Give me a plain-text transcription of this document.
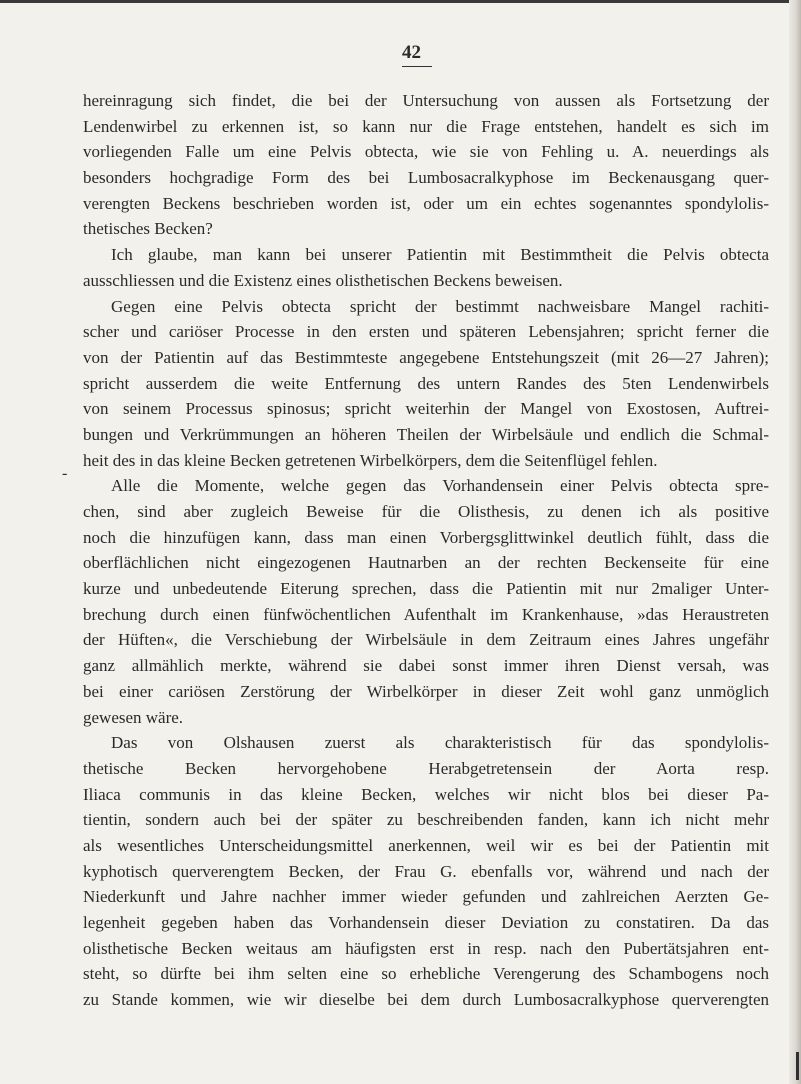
42
-
hereinragung sich findet, die bei der Untersuchung von aussen als Fortsetzung der
Lendenwirbel zu erkennen ist, so kann nur die Frage entstehen, handelt es sich im
vorliegenden Falle um eine Pelvis obtecta, wie sie von Fehling u. A. neuerdings als
besonders hochgradige Form des bei Lumbosacralkyphose im Beckenausgang quer-
verengten Beckens beschrieben worden ist, oder um ein echtes sogenanntes spondylolis-
thetisches Becken?
Ich glaube, man kann bei unserer Patientin mit Bestimmtheit die Pelvis obtecta
ausschliessen und die Existenz eines olisthetischen Beckens beweisen.
Gegen eine Pelvis obtecta spricht der bestimmt nachweisbare Mangel rachiti-
scher und cariöser Processe in den ersten und späteren Lebensjahren; spricht ferner die
von der Patientin auf das Bestimmteste angegebene Entstehungszeit (mit 26—27 Jahren);
spricht ausserdem die weite Entfernung des untern Randes des 5ten Lendenwirbels
von seinem Processus spinosus; spricht weiterhin der Mangel von Exostosen, Auftrei-
bungen und Verkrümmungen an höheren Theilen der Wirbelsäule und endlich die Schmal-
heit des in das kleine Becken getretenen Wirbelkörpers, dem die Seitenflügel fehlen.
Alle die Momente, welche gegen das Vorhandensein einer Pelvis obtecta spre-
chen, sind aber zugleich Beweise für die Olisthesis, zu denen ich als positive
noch die hinzufügen kann, dass man einen Vorbergsglittwinkel deutlich fühlt, dass die
oberflächlichen nicht eingezogenen Hautnarben an der rechten Beckenseite für eine
kurze und unbedeutende Eiterung sprechen, dass die Patientin mit nur 2maliger Unter-
brechung durch einen fünfwöchentlichen Aufenthalt im Krankenhause, »das Heraustreten
der Hüften«, die Verschiebung der Wirbelsäule in dem Zeitraum eines Jahres ungefähr
ganz allmählich merkte, während sie dabei sonst immer ihren Dienst versah, was
bei einer cariösen Zerstörung der Wirbelkörper in dieser Zeit wohl ganz unmöglich
gewesen wäre.
Das von Olshausen zuerst als charakteristisch für das spondylolis-
thetische Becken hervorgehobene Herabgetretensein der Aorta resp.
Iliaca communis in das kleine Becken, welches wir nicht blos bei dieser Pa-
tientin, sondern auch bei der später zu beschreibenden fanden, kann ich nicht mehr
als wesentliches Unterscheidungsmittel anerkennen, weil wir es bei der Patientin mit
kyphotisch querverengtem Becken, der Frau G. ebenfalls vor, während und nach der
Niederkunft und Jahre nachher immer wieder gefunden und zahlreichen Aerzten Ge-
legenheit gegeben haben das Vorhandensein dieser Deviation zu constatiren. Da das
olisthetische Becken weitaus am häufigsten erst in resp. nach den Pubertätsjahren ent-
steht, so dürfte bei ihm selten eine so erhebliche Verengerung des Schambogens noch
zu Stande kommen, wie wir dieselbe bei dem durch Lumbosacralkyphose querverengten
